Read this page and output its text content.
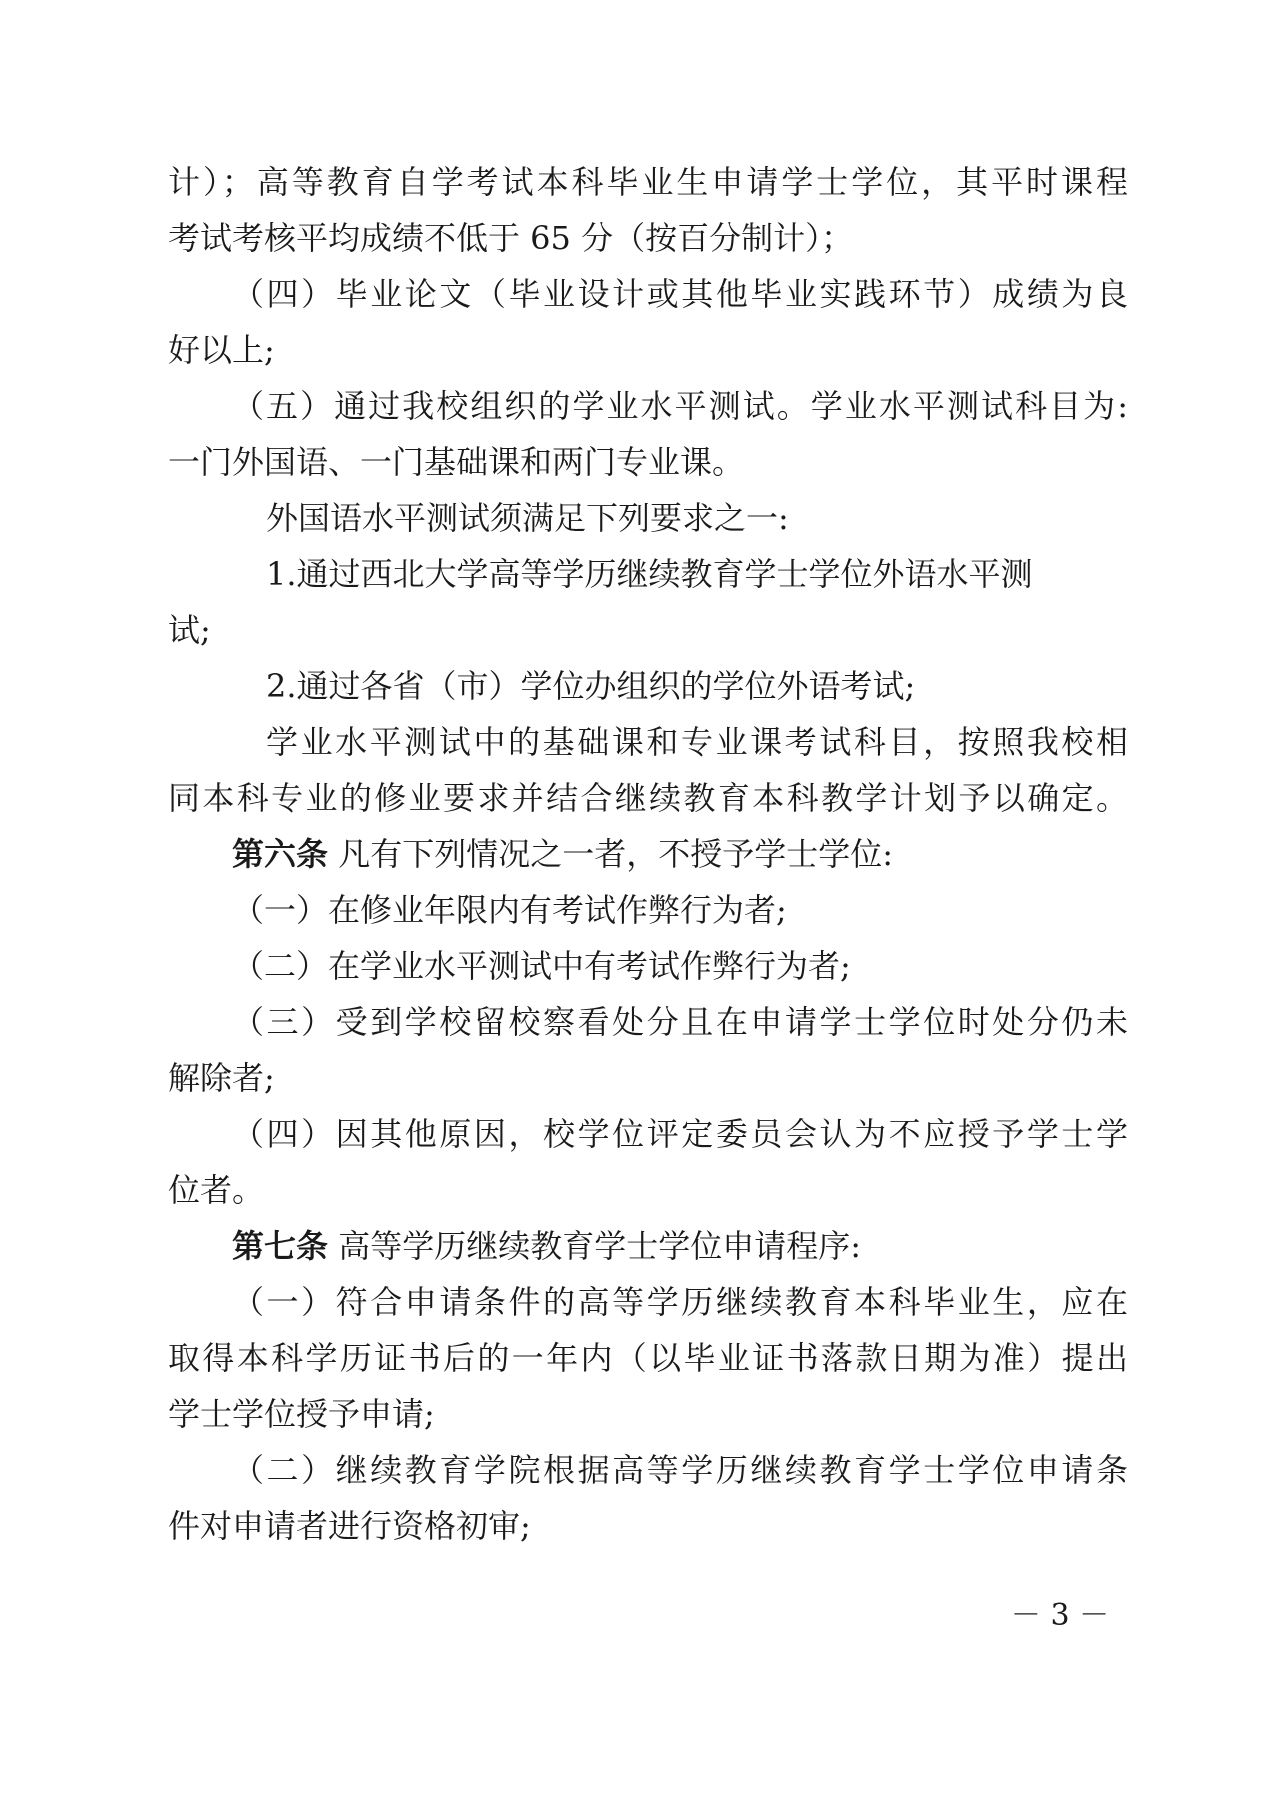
计）；高等教育自学考试本科毕业生申请学士学位，其平时课程
考试考核平均成绩不低于 65 分（按百分制计）；
（四）毕业论文（毕业设计或其他毕业实践环节）成绩为良
好以上;
（五）通过我校组织的学业水平测试。学业水平测试科目为:
一门外国语、一门基础课和两门专业课。
外国语水平测试须满足下列要求之一:
1.通过西北大学高等学历继续教育学士学位外语水平测
试;
2.通过各省（市）学位办组织的学位外语考试;
学业水平测试中的基础课和专业课考试科目，按照我校相
同本科专业的修业要求并结合继续教育本科教学计划予以确定。
第六条 凡有下列情况之一者，不授予学士学位:
（一）在修业年限内有考试作弊行为者;
（二）在学业水平测试中有考试作弊行为者;
（三）受到学校留校察看处分且在申请学士学位时处分仍未
解除者;
（四）因其他原因，校学位评定委员会认为不应授予学士学
位者。
第七条 高等学历继续教育学士学位申请程序:
（一）符合申请条件的高等学历继续教育本科毕业生，应在
取得本科学历证书后的一年内（以毕业证书落款日期为准）提出
学士学位授予申请;
（二）继续教育学院根据高等学历继续教育学士学位申请条
件对申请者进行资格初审;
－ 3 －
